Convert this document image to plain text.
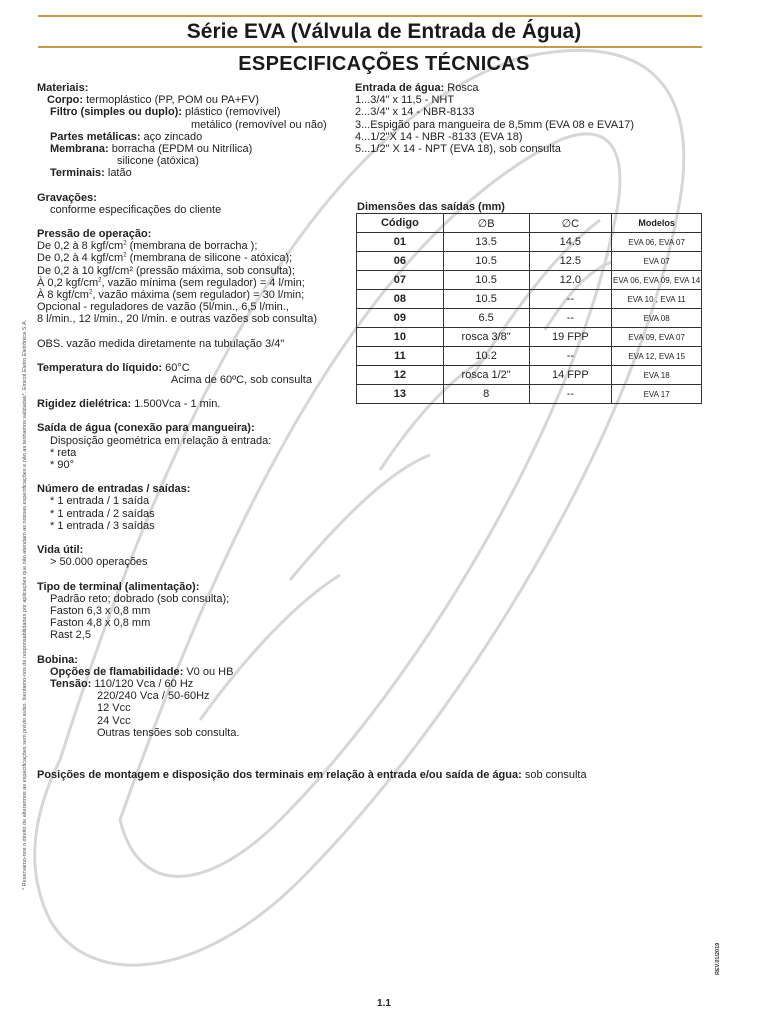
Série EVA (Válvula de Entrada de Água)
ESPECIFICAÇÕES TÉCNICAS
Materiais:
Corpo: termoplástico (PP, POM ou PA+FV)
Filtro (simples ou duplo): plástico (removível)
metálico (removível ou não)
Partes metálicas: aço zincado
Membrana: borracha (EPDM ou Nitrílica)
silicone (atóxica)
Terminais: latão
Gravações:
conforme especificações do cliente
Pressão de operação:
De 0,2 à 8 kgf/$cm^2$ (membrana de borracha );
De 0,2 à 4 kgf/$cm^2$ (membrana de silicone - atóxica);
De 0,2 à 10 kgf/cm² (pressão máxima, sob consulta);
À 0,2 kgf/$cm^2$, vazão mínima (sem regulador) = 4 l/min;
À 8 kgf/$cm^2$, vazão máxima (sem regulador) = 30 l/min;
Opcional - reguladores de vazão (5l/min., 6,5 l/min.,
8 l/min., 12 l/min., 20 l/min. e outras vazões sob consulta)
OBS. vazão medida diretamente na tubulação 3/4"
Temperatura do líquido: 60°C
Acima de 60ºC, sob consulta
Rigidez dielétrica: 1.500Vca - 1 min.
Saída de água (conexão para mangueira):
Disposição geométrica em relação à entrada:
* reta
* 90°
Número de entradas / saídas:
* 1 entrada / 1 saída
* 1 entrada / 2 saídas
* 1 entrada / 3 saídas
Vida útil:
> 50.000 operações
Tipo de terminal (alimentação):
Padrão reto; dobrado (sob consulta);
Faston 6,3 x 0,8 mm
Faston 4,8 x 0,8 mm
Rast 2,5
Bobina:
Opções de flamabilidade: V0 ou HB
Tensão: 110/120 Vca / 60 Hz
220/240 Vca / 50-60Hz
12 Vcc
24 Vcc
Outras tensões sob consulta.
Entrada de água: Rosca
1...3/4" x 11,5 - NHT
2...3/4" x 14 - NBR-8133
3...Espigão para mangueira de 8,5mm (EVA 08 e EVA17)
4...1/2"X 14 - NBR -8133 (EVA 18)
5...1/2" X 14 - NPT (EVA 18), sob consulta
Dimensões das saídas (mm)
Código	∅B	∅C	Modelos
01	13.5	14.5	EVA 06, EVA 07
06	10.5	12.5	EVA 07
07	10.5	12.0	EVA 06, EVA 09, EVA 14
08	10.5	--	EVA 10 , EVA 11
09	6.5	--	EVA 08
10	rosca 3/8"	19 FPP	EVA 09, EVA 07
11	10.2	--	EVA 12, EVA 15
12	rosca 1/2"	14 FPP	EVA 18
13	8	--	EVA 17
Posições de montagem e disposição dos terminais em relação à entrada e/ou saída de água: sob consulta
* Reservamo-nos o direito de alterarmos as especificações sem prévio aviso. Isentamo-nos de responsabilidades por aplicações que não atendam as nossas especificações e não as tenhamos validadas*. Emicol Eletro Eletrônica S.A.
REV.01/2019
1.1
